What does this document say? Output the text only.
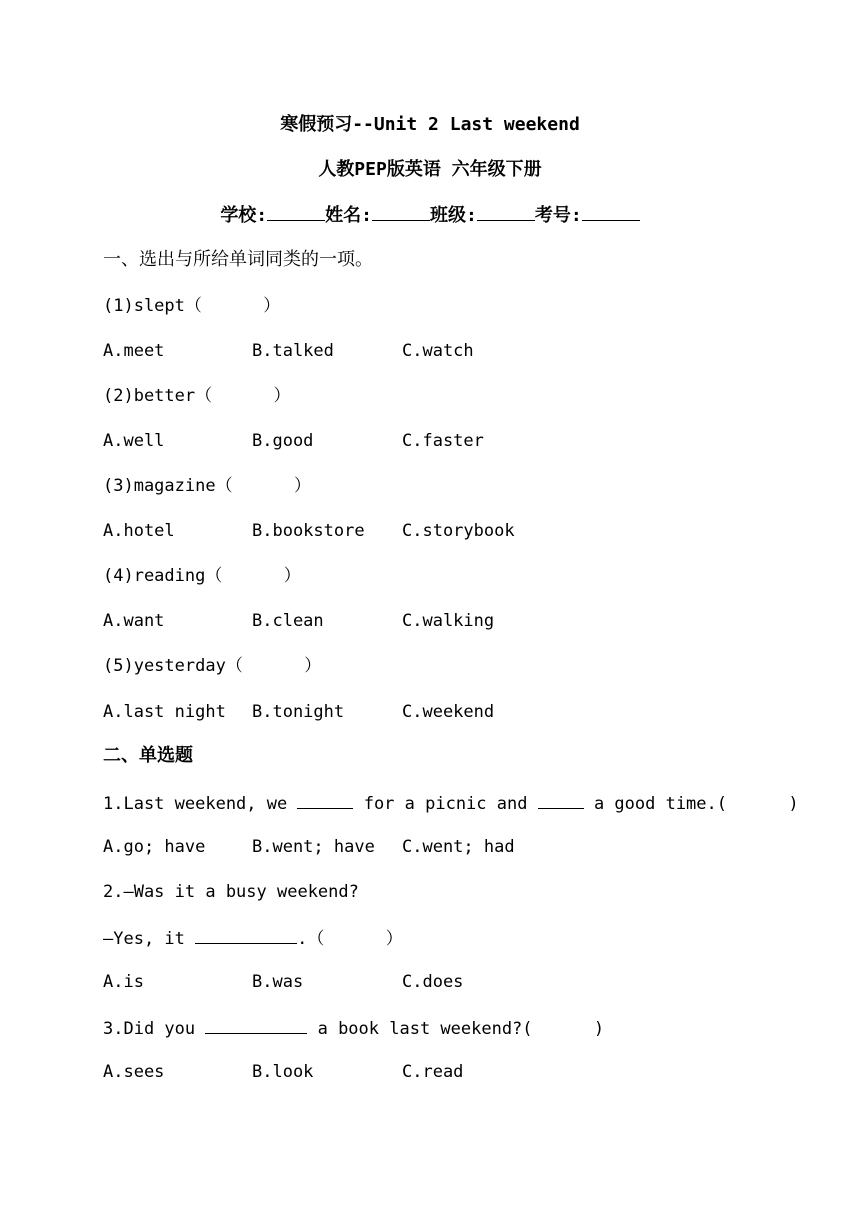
寒假预习--Unit 2 Last weekend
人教PEP版英语 六年级下册
学校:	姓名:	班级:	考号:
一、选出与所给单词同类的一项。
(1)slept（      ）
A.meet	B.talked	C.watch
(2)better（      ）
A.well	B.good	C.faster
(3)magazine（      ）
A.hotel	B.bookstore C.storybook
(4)reading（      ）
A.want	B.clean	C.walking
(5)yesterday（      ）
A.last night B.tonight	C.weekend
二、单选题
1.Last weekend, we	for a picnic and	a good time.(      )
A.go; have	B.went; have C.went; had
2.—Was it a busy weekend?
—Yes, it	.（      ）
A.is	B.was	C.does
3.Did you	a book last weekend?(      )
A.sees	B.look	C.read
